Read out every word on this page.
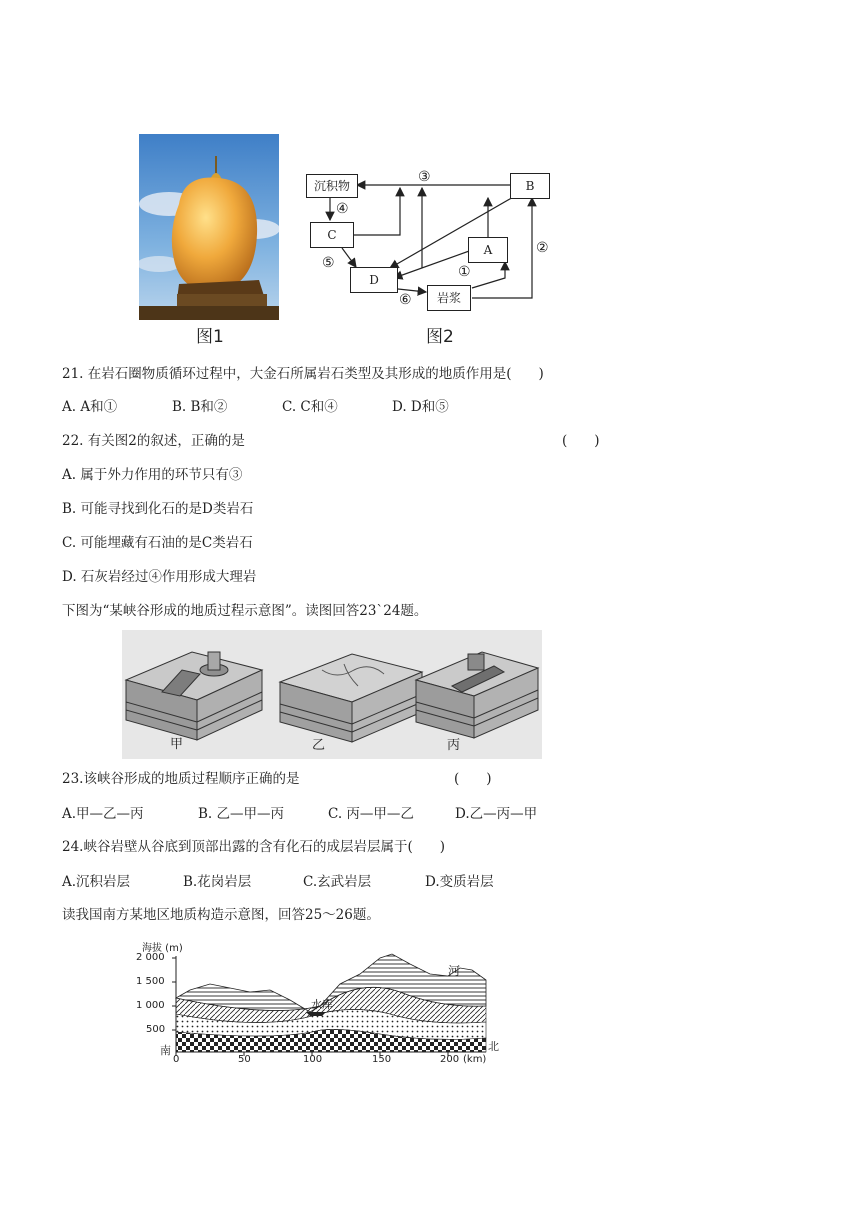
图1
沉积物	B
C
A
D
岩浆
③
④
⑤
⑥
①
②
图2
21. 在岩石圈物质循环过程中，大金石所属岩石类型及其形成的地质作用是(　　)
A. A和①	B. B和②	C. C和④	D. D和⑤
22. 有关图2的叙述，正确的是	(　　)
A. 属于外力作用的环节只有③
B. 可能寻找到化石的是D类岩石
C. 可能埋藏有石油的是C类岩石
D. 石灰岩经过④作用形成大理岩
下图为“某峡谷形成的地质过程示意图”。读图回答23`24题。
甲	乙	丙
23.该峡谷形成的地质过程顺序正确的是	(　　)
A.甲—乙—丙	B. 乙—甲—丙	C. 丙—甲—乙	D.乙—丙—甲
24.峡谷岩壁从谷底到顶部出露的含有化石的成层岩层属于(　　)
A.沉积岩层	B.花岗岩层	C.玄武岩层	D.变质岩层
读我国南方某地区地质构造示意图，回答25～26题。
海拔 (m)
2 000
1 500
1 000
500
南	北
0	50	100	150	200 (km)
水库
河
